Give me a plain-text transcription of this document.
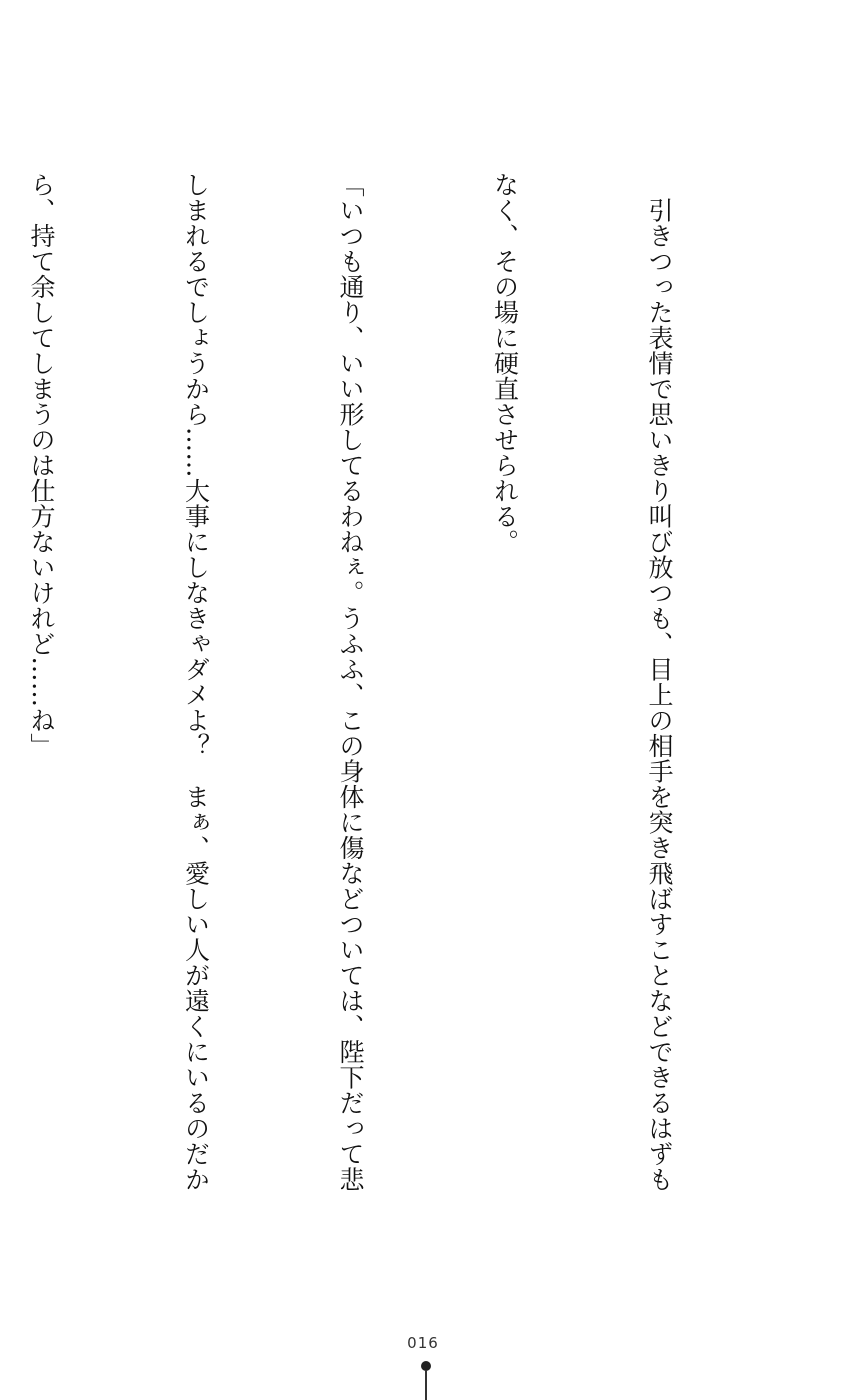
　引きつった表情で思いきり叫び放つも、目上の相手を突き飛ばすことなどできるはずも

なく、その場に硬直させられる。

「いつも通り、いい形してるわねぇ。うふふ、この身体に傷などついては、陛下だって悲

しまれるでしょうから……大事にしなきゃダメよ？　まぁ、愛しい人が遠くにいるのだか

ら、持て余してしまうのは仕方ないけれど……ね」

016
